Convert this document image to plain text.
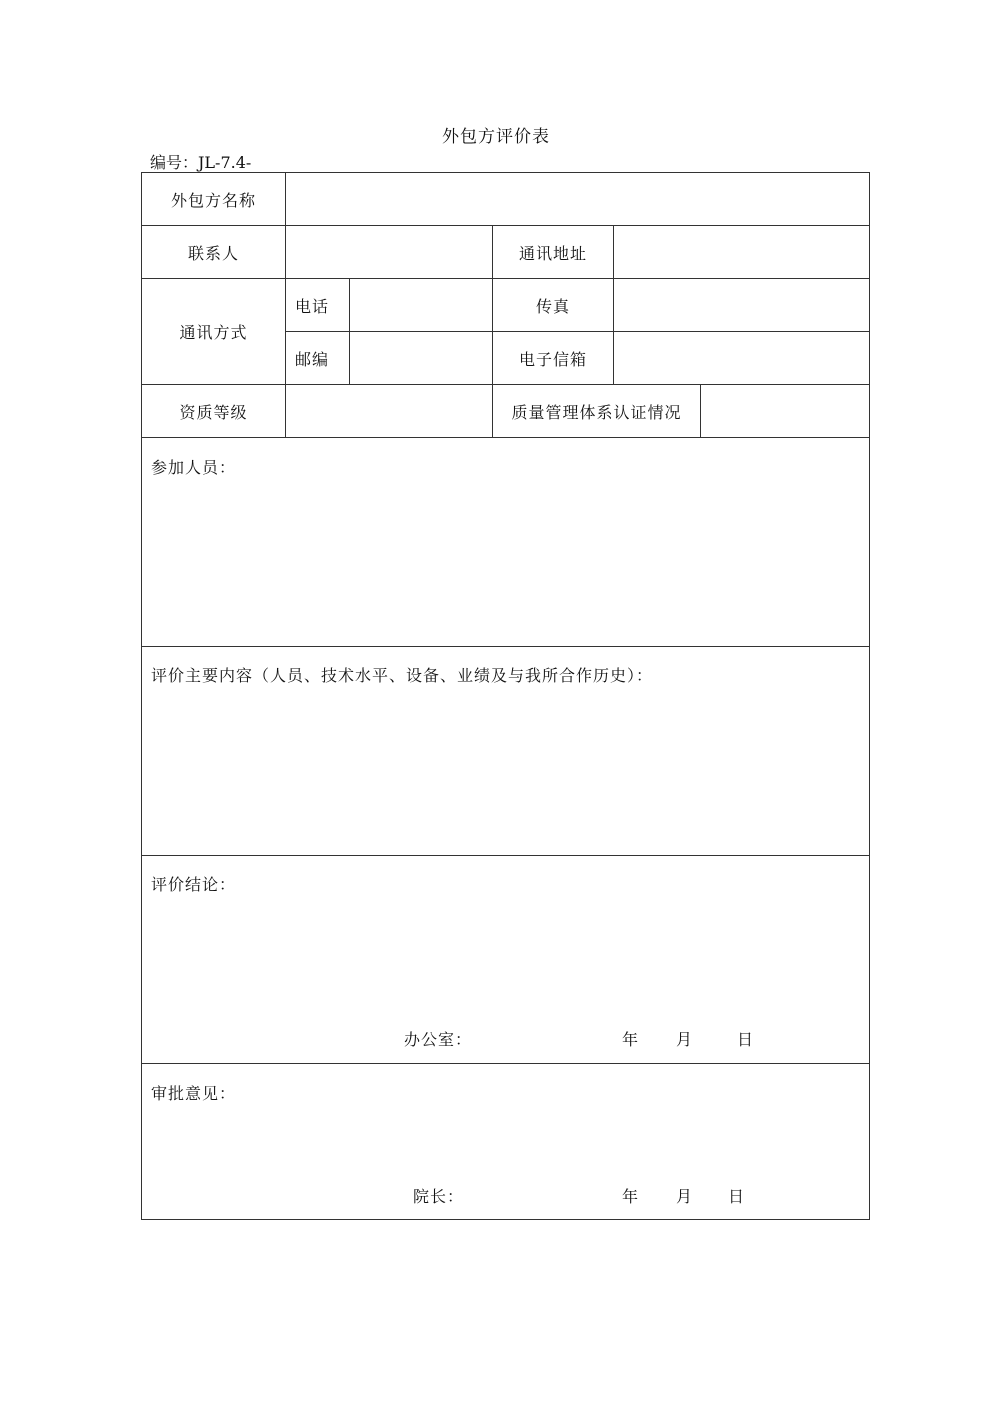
外包方评价表
编号：JL-7.4-
外包方名称
联系人	通讯地址
通讯方式
电话	传真
邮编	电子信箱
资质等级	质量管理体系认证情况
参加人员：
评价主要内容（人员、技术水平、设备、业绩及与我所合作历史）：
评价结论：
办公室：	年 月	日
审批意见：
院长：	年 月 日
